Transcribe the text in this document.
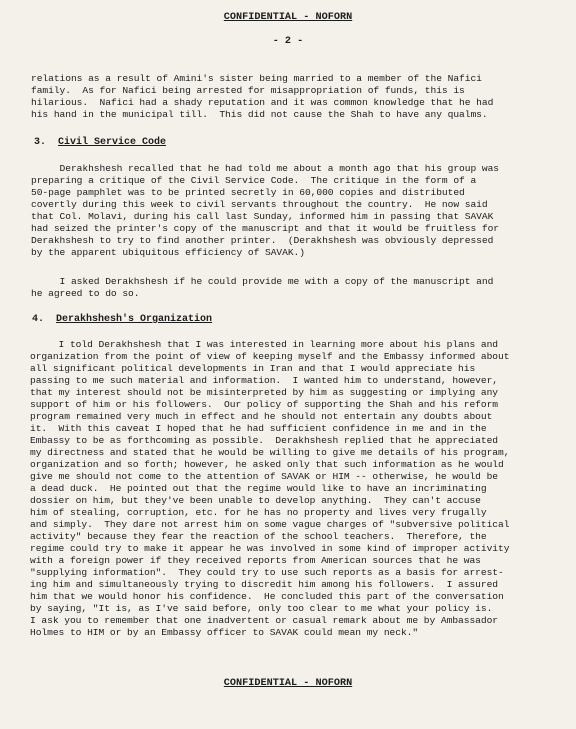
CONFIDENTIAL - NOFORN
- 2 -
relations as a result of Amini's sister being married to a member of the Nafici
family.  As for Nafici being arrested for misappropriation of funds, this is
hilarious.  Nafici had a shady reputation and it was common knowledge that he had
his hand in the municipal till.  This did not cause the Shah to have any qualms.
3. Civil Service Code
Derakhshesh recalled that he had told me about a month ago that his group was
preparing a critique of the Civil Service Code.  The critique in the form of a
50-page pamphlet was to be printed secretly in 60,000 copies and distributed
covertly during this week to civil servants throughout the country.  He now said
that Col. Molavi, during his call last Sunday, informed him in passing that SAVAK
had seized the printer's copy of the manuscript and that it would be fruitless for
Derakhshesh to try to find another printer.  (Derakhshesh was obviously depressed
by the apparent ubiquitous efficiency of SAVAK.)
I asked Derakhshesh if he could provide me with a copy of the manuscript and
he agreed to do so.
4. Derakhshesh's Organization
I told Derakhshesh that I was interested in learning more about his plans and
organization from the point of view of keeping myself and the Embassy informed about
all significant political developments in Iran and that I would appreciate his
passing to me such material and information.  I wanted him to understand, however,
that my interest should not be misinterpreted by him as suggesting or implying any
support of him or his followers.  Our policy of supporting the Shah and his reform
program remained very much in effect and he should not entertain any doubts about
it.  With this caveat I hoped that he had sufficient confidence in me and in the
Embassy to be as forthcoming as possible.  Derakhshesh replied that he appreciated
my directness and stated that he would be willing to give me details of his program,
organization and so forth; however, he asked only that such information as he would
give me should not come to the attention of SAVAK or HIM -- otherwise, he would be
a dead duck.  He pointed out that the regime would like to have an incriminating
dossier on him, but they've been unable to develop anything.  They can't accuse
him of stealing, corruption, etc. for he has no property and lives very frugally
and simply.  They dare not arrest him on some vague charges of "subversive political
activity" because they fear the reaction of the school teachers.  Therefore, the
regime could try to make it appear he was involved in some kind of improper activity
with a foreign power if they received reports from American sources that he was
"supplying information".  They could try to use such reports as a basis for arrest-
ing him and simultaneously trying to discredit him among his followers.  I assured
him that we would honor his confidence.  He concluded this part of the conversation
by saying, "It is, as I've said before, only too clear to me what your policy is.
I ask you to remember that one inadvertent or casual remark about me by Ambassador
Holmes to HIM or by an Embassy officer to SAVAK could mean my neck."
CONFIDENTIAL - NOFORN
